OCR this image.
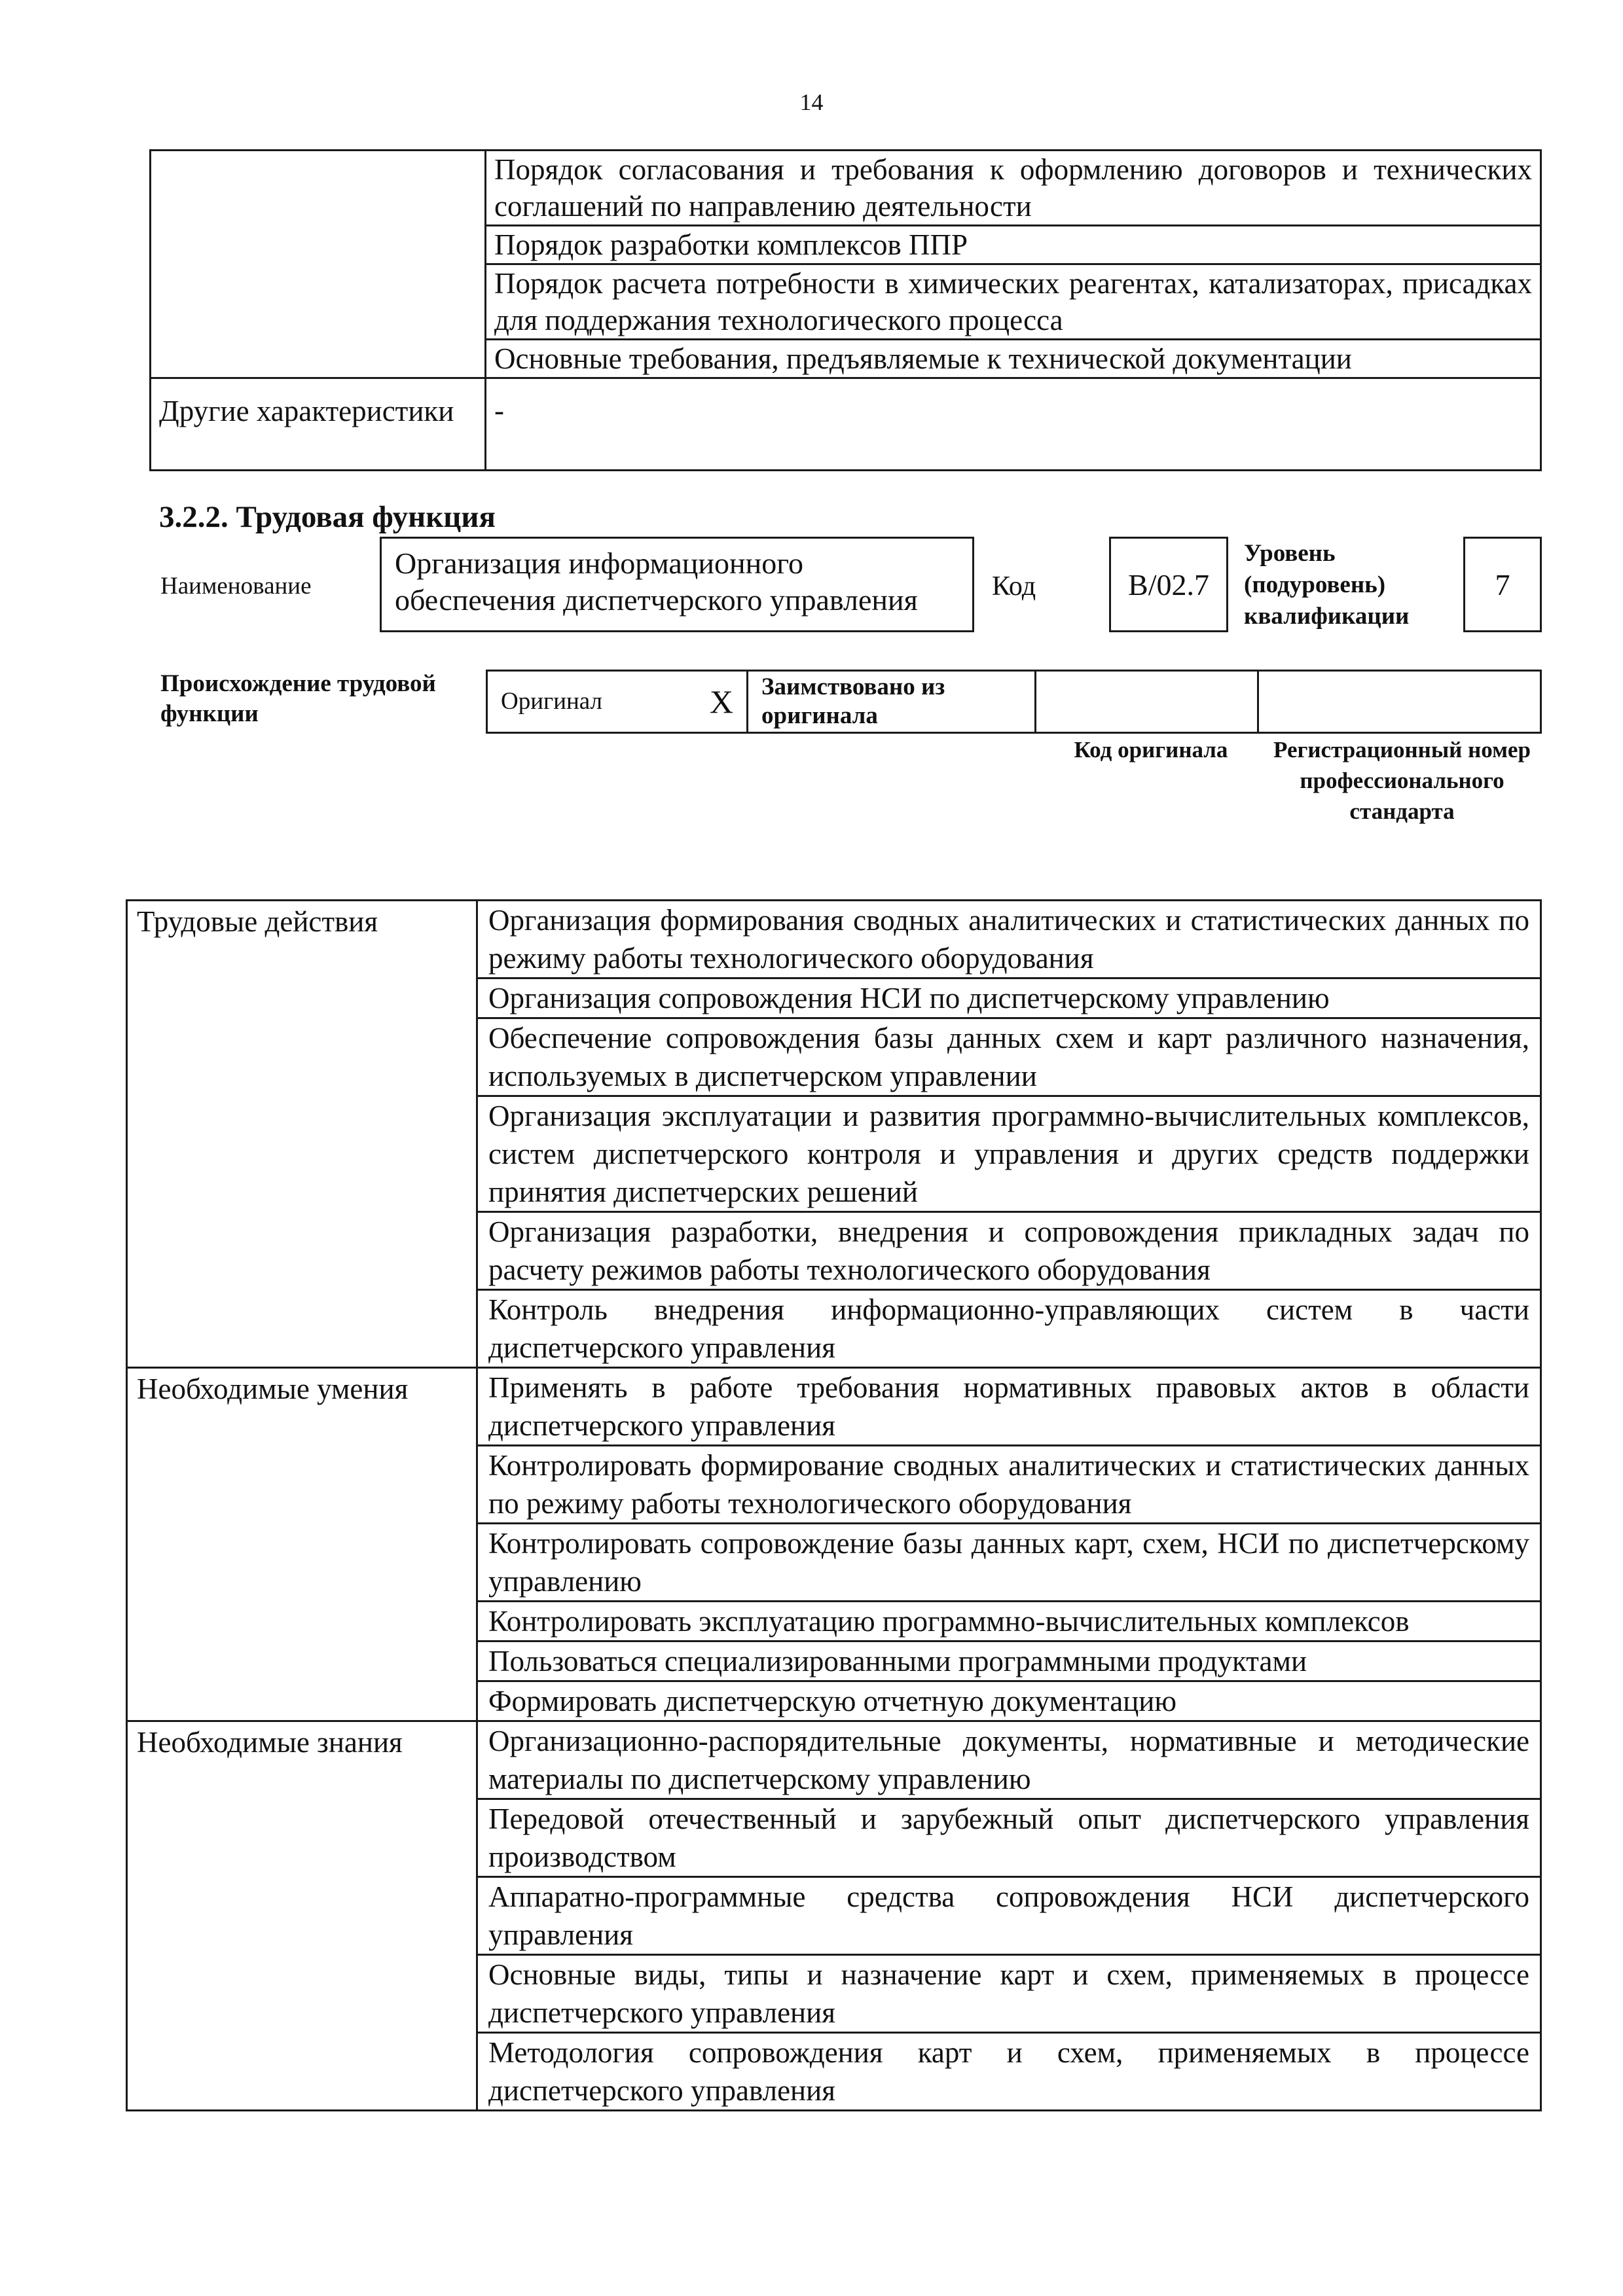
14
	Порядок согласования и требования к оформлению договоров и технических соглашений по направлению деятельности
	Порядок разработки комплексов ППР
	Порядок расчета потребности в химических реагентах, катализаторах, присадках для поддержания технологического процесса
	Основные требования, предъявляемые к технической документации
Другие характеристики	-
3.2.2. Трудовая функция
Наименование
Организация информационного обеспечения диспетчерского управления	Код	В/02.7
Уровень (подуровень) квалификации
7
Происхождение трудовой функции	Оригинал	X	Заимствовано из оригинала		
Код оригинала	Регистрационный номер профессионального стандарта
Трудовые действия	Организация формирования сводных аналитических и статистических данных по режиму работы технологического оборудования
	Организация сопровождения НСИ по диспетчерскому управлению
	Обеспечение сопровождения базы данных схем и карт различного назначения, используемых в диспетчерском управлении
	Организация эксплуатации и развития программно-вычислительных комплексов, систем диспетчерского контроля и управления и других средств поддержки принятия диспетчерских решений
	Организация разработки, внедрения и сопровождения прикладных задач по расчету режимов работы технологического оборудования
	Контроль внедрения информационно-управляющих систем в части диспетчерского управления
Необходимые умения	Применять в работе требования нормативных правовых актов в области диспетчерского управления
	Контролировать формирование сводных аналитических и статистических данных по режиму работы технологического оборудования
	Контролировать сопровождение базы данных карт, схем, НСИ по диспетчерскому управлению
	Контролировать эксплуатацию программно-вычислительных комплексов
	Пользоваться специализированными программными продуктами
	Формировать диспетчерскую отчетную документацию
Необходимые знания	Организационно-распорядительные документы, нормативные и методические материалы по диспетчерскому управлению
	Передовой отечественный и зарубежный опыт диспетчерского управления производством
	Аппаратно-программные средства сопровождения НСИ диспетчерского управления
	Основные виды, типы и назначение карт и схем, применяемых в процессе диспетчерского управления
	Методология сопровождения карт и схем, применяемых в процессе диспетчерского управления
